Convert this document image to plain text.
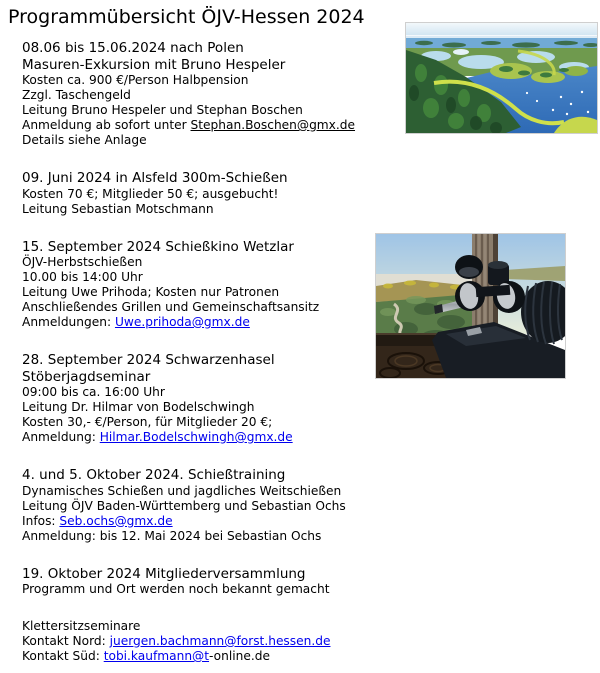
Programmübersicht ÖJV-Hessen 2024

08.06 bis 15.06.2024 nach Polen

Masuren-Exkursion mit Bruno Hespeler

Kosten ca. 900 €/Person Halbpension

Zzgl. Taschengeld

Leitung Bruno Hespeler und Stephan Boschen

Anmeldung ab sofort unter Stephan.Boschen@gmx.de

Details siehe Anlage

09. Juni 2024 in Alsfeld 300m-Schießen

Kosten 70 €; Mitglieder 50 €; ausgebucht!

Leitung Sebastian Motschmann

15. September 2024 Schießkino Wetzlar

ÖJV-Herbstschießen

10.00 bis 14:00 Uhr

Leitung Uwe Prihoda; Kosten nur Patronen

Anschließendes Grillen und Gemeinschaftsansitz

Anmeldungen: Uwe.prihoda@gmx.de

28. September 2024 Schwarzenhasel

Stöberjagdseminar

09:00 bis ca. 16:00 Uhr

Leitung Dr. Hilmar von Bodelschwingh

Kosten 30,- €/Person, für Mitglieder 20 €;

Anmeldung: Hilmar.Bodelschwingh@gmx.de

4. und 5. Oktober 2024. Schießtraining

Dynamisches Schießen und jagdliches Weitschießen

Leitung ÖJV Baden-Württemberg und Sebastian Ochs

Infos: Seb.ochs@gmx.de

Anmeldung: bis 12. Mai 2024 bei Sebastian Ochs

19. Oktober 2024 Mitgliederversammlung

Programm und Ort werden noch bekannt gemacht

Klettersitzseminare

Kontakt Nord: juergen.bachmann@forst.hessen.de

Kontakt Süd: tobi.kaufmann@t-online.de
